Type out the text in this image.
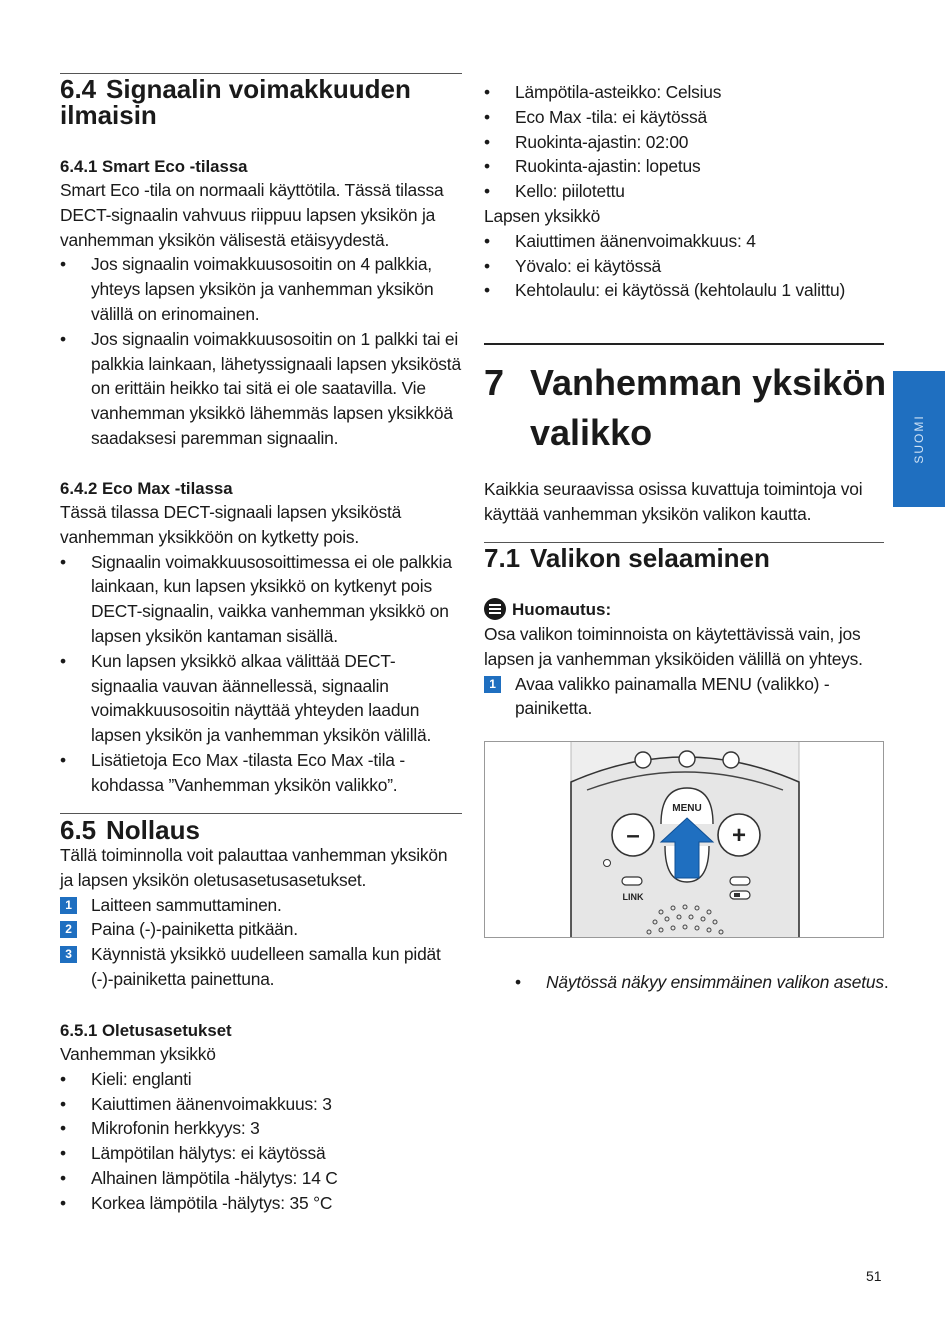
SUOMI
6.4 Signaalin voimakkuuden ilmaisin
6.4.1 Smart Eco -tilassa

Smart Eco -tila on normaali käyttötila. Tässä tilassa DECT-signaalin vahvuus riippuu lapsen yksikön ja vanhemman yksikön välisestä etäisyydestä.

• Jos signaalin voimakkuusosoitin on 4 palkkia, yhteys lapsen yksikön ja vanhemman yksikön välillä on erinomainen.
• Jos signaalin voimakkuusosoitin on 1 palkki tai ei palkkia lainkaan, lähetyssignaali lapsen yksiköstä on erittäin heikko tai sitä ei ole saatavilla. Vie vanhemman yksikkö lähemmäs lapsen yksikköä saadaksesi paremman signaalin.
6.4.2 Eco Max -tilassa

Tässä tilassa DECT-signaali lapsen yksiköstä vanhemman yksikköön on kytketty pois.

• Signaalin voimakkuusosoittimessa ei ole palkkia lainkaan, kun lapsen yksikkö on kytkenyt pois DECT-signaalin, vaikka vanhemman yksikkö on lapsen yksikön kantaman sisällä.
• Kun lapsen yksikkö alkaa välittää DECT-signaalia vauvan äännellessä, signaalin voimakkuusosoitin näyttää yhteyden laadun lapsen yksikön ja vanhemman yksikön välillä.
• Lisätietoja Eco Max -tilasta Eco Max -tila -kohdassa ”Vanhemman yksikön valikko”.
6.5 Nollaus

Tällä toiminnolla voit palauttaa vanhemman yksikön ja lapsen yksikön oletusasetusasetukset.

1	Laitteen sammuttaminen.
2	Paina (-)-painiketta pitkään.
3	Käynnistä yksikkö uudelleen samalla kun pidät (-)-painiketta painettuna.
6.5.1 Oletusasetukset

Vanhemman yksikkö

• Kieli: englanti
• Kaiuttimen äänenvoimakkuus: 3
• Mikrofonin herkkyys: 3
• Lämpötilan hälytys: ei käytössä
• Alhainen lämpötila -hälytys: 14 C
• Korkea lämpötila -hälytys: 35 °C
• Lämpötila-asteikko: Celsius
• Eco Max -tila: ei käytössä
• Ruokinta-ajastin: 02:00
• Ruokinta-ajastin: lopetus
• Kello: piilotettu

Lapsen yksikkö

• Kaiuttimen äänenvoimakkuus: 4
• Yövalo: ei käytössä
• Kehtolaulu: ei käytössä (kehtolaulu 1 valittu)
7 Vanhemman yksikön
valikko

Kaikkia seuraavissa osissa kuvattuja toimintoja voi käyttää vanhemman yksikön valikon kautta.

7.1 Valikon selaaminen
Huomautus:

Osa valikon toiminnoista on käytettävissä vain, jos lapsen ja vanhemman yksiköiden välillä on yhteys.

1	Avaa valikko painamalla MENU (valikko) -painiketta.
–	+
MENU
LINK
• Näytössä näkyy ensimmäinen valikon asetus.
51
